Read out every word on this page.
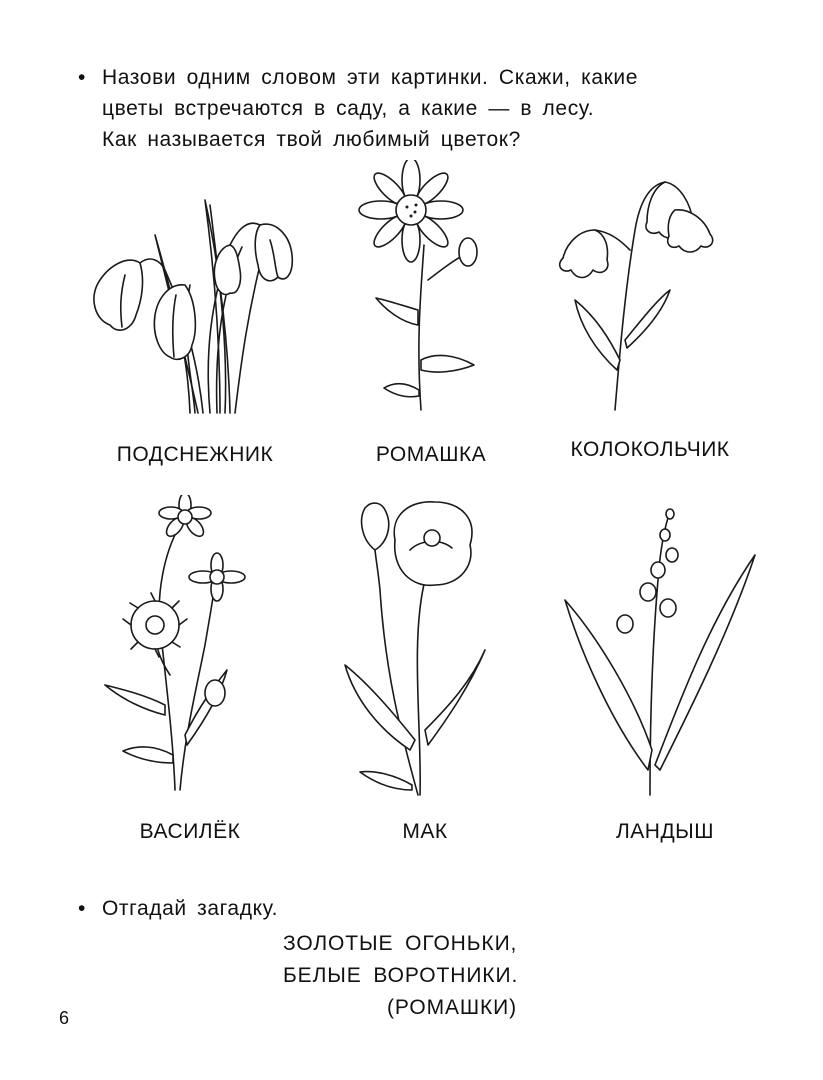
• Назови одним словом эти картинки. Скажи, какие
цветы встречаются в саду, а какие — в лесу.
Как называется твой любимый цветок?
ПОДСНЕЖНИК	РОМАШКА	КОЛОКОЛЬЧИК
ВАСИЛЁК	МАК	ЛАНДЫШ
• Отгадай загадку.
ЗОЛОТЫЕ ОГОНЬКИ,
БЕЛЫЕ ВОРОТНИКИ.
(РОМАШКИ)
6
